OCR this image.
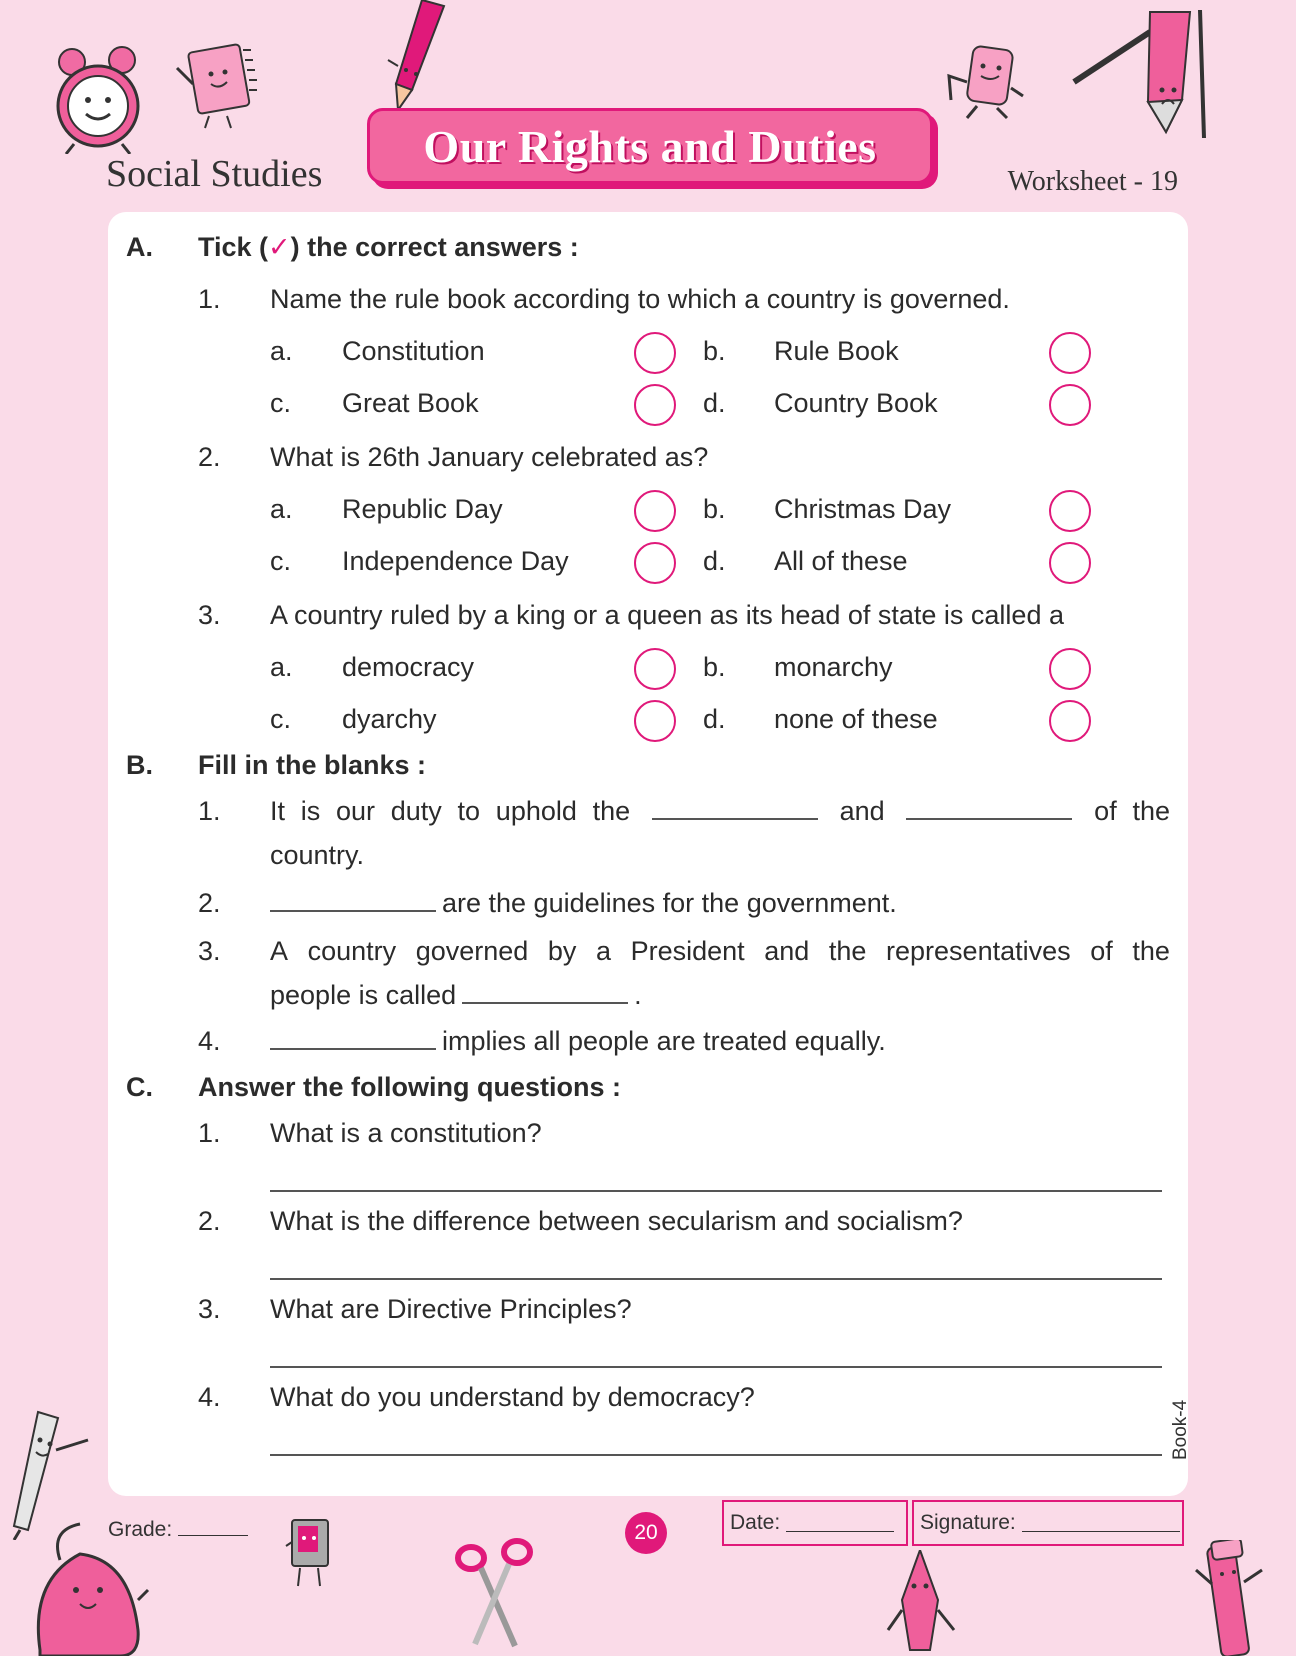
Social Studies
Our Rights and Duties
Worksheet - 19
A. Tick (✓) the correct answers :
1. Name the rule book according to which a country is governed.
a. Constitution	b. Rule Book
c. Great Book	d. Country Book
2. What is 26th January celebrated as?
a. Republic Day	b. Christmas Day
c. Independence Day	d. All of these
3. A country ruled by a king or a queen as its head of state is called a
a. democracy	b. monarchy
c. dyarchy	d. none of these
B. Fill in the blanks :
1. It is our duty to uphold the	and	of the
country.
2.	are the guidelines for the government.
3. A country governed by a President and the representatives of the
people is called	.
4.	implies all people are treated equally.
C. Answer the following questions :
1. What is a constitution?
2. What is the difference between secularism and socialism?
3. What are Directive Principles?
4. What do you understand by democracy?
Book-4
Grade:	20	Date:
	Signature:
